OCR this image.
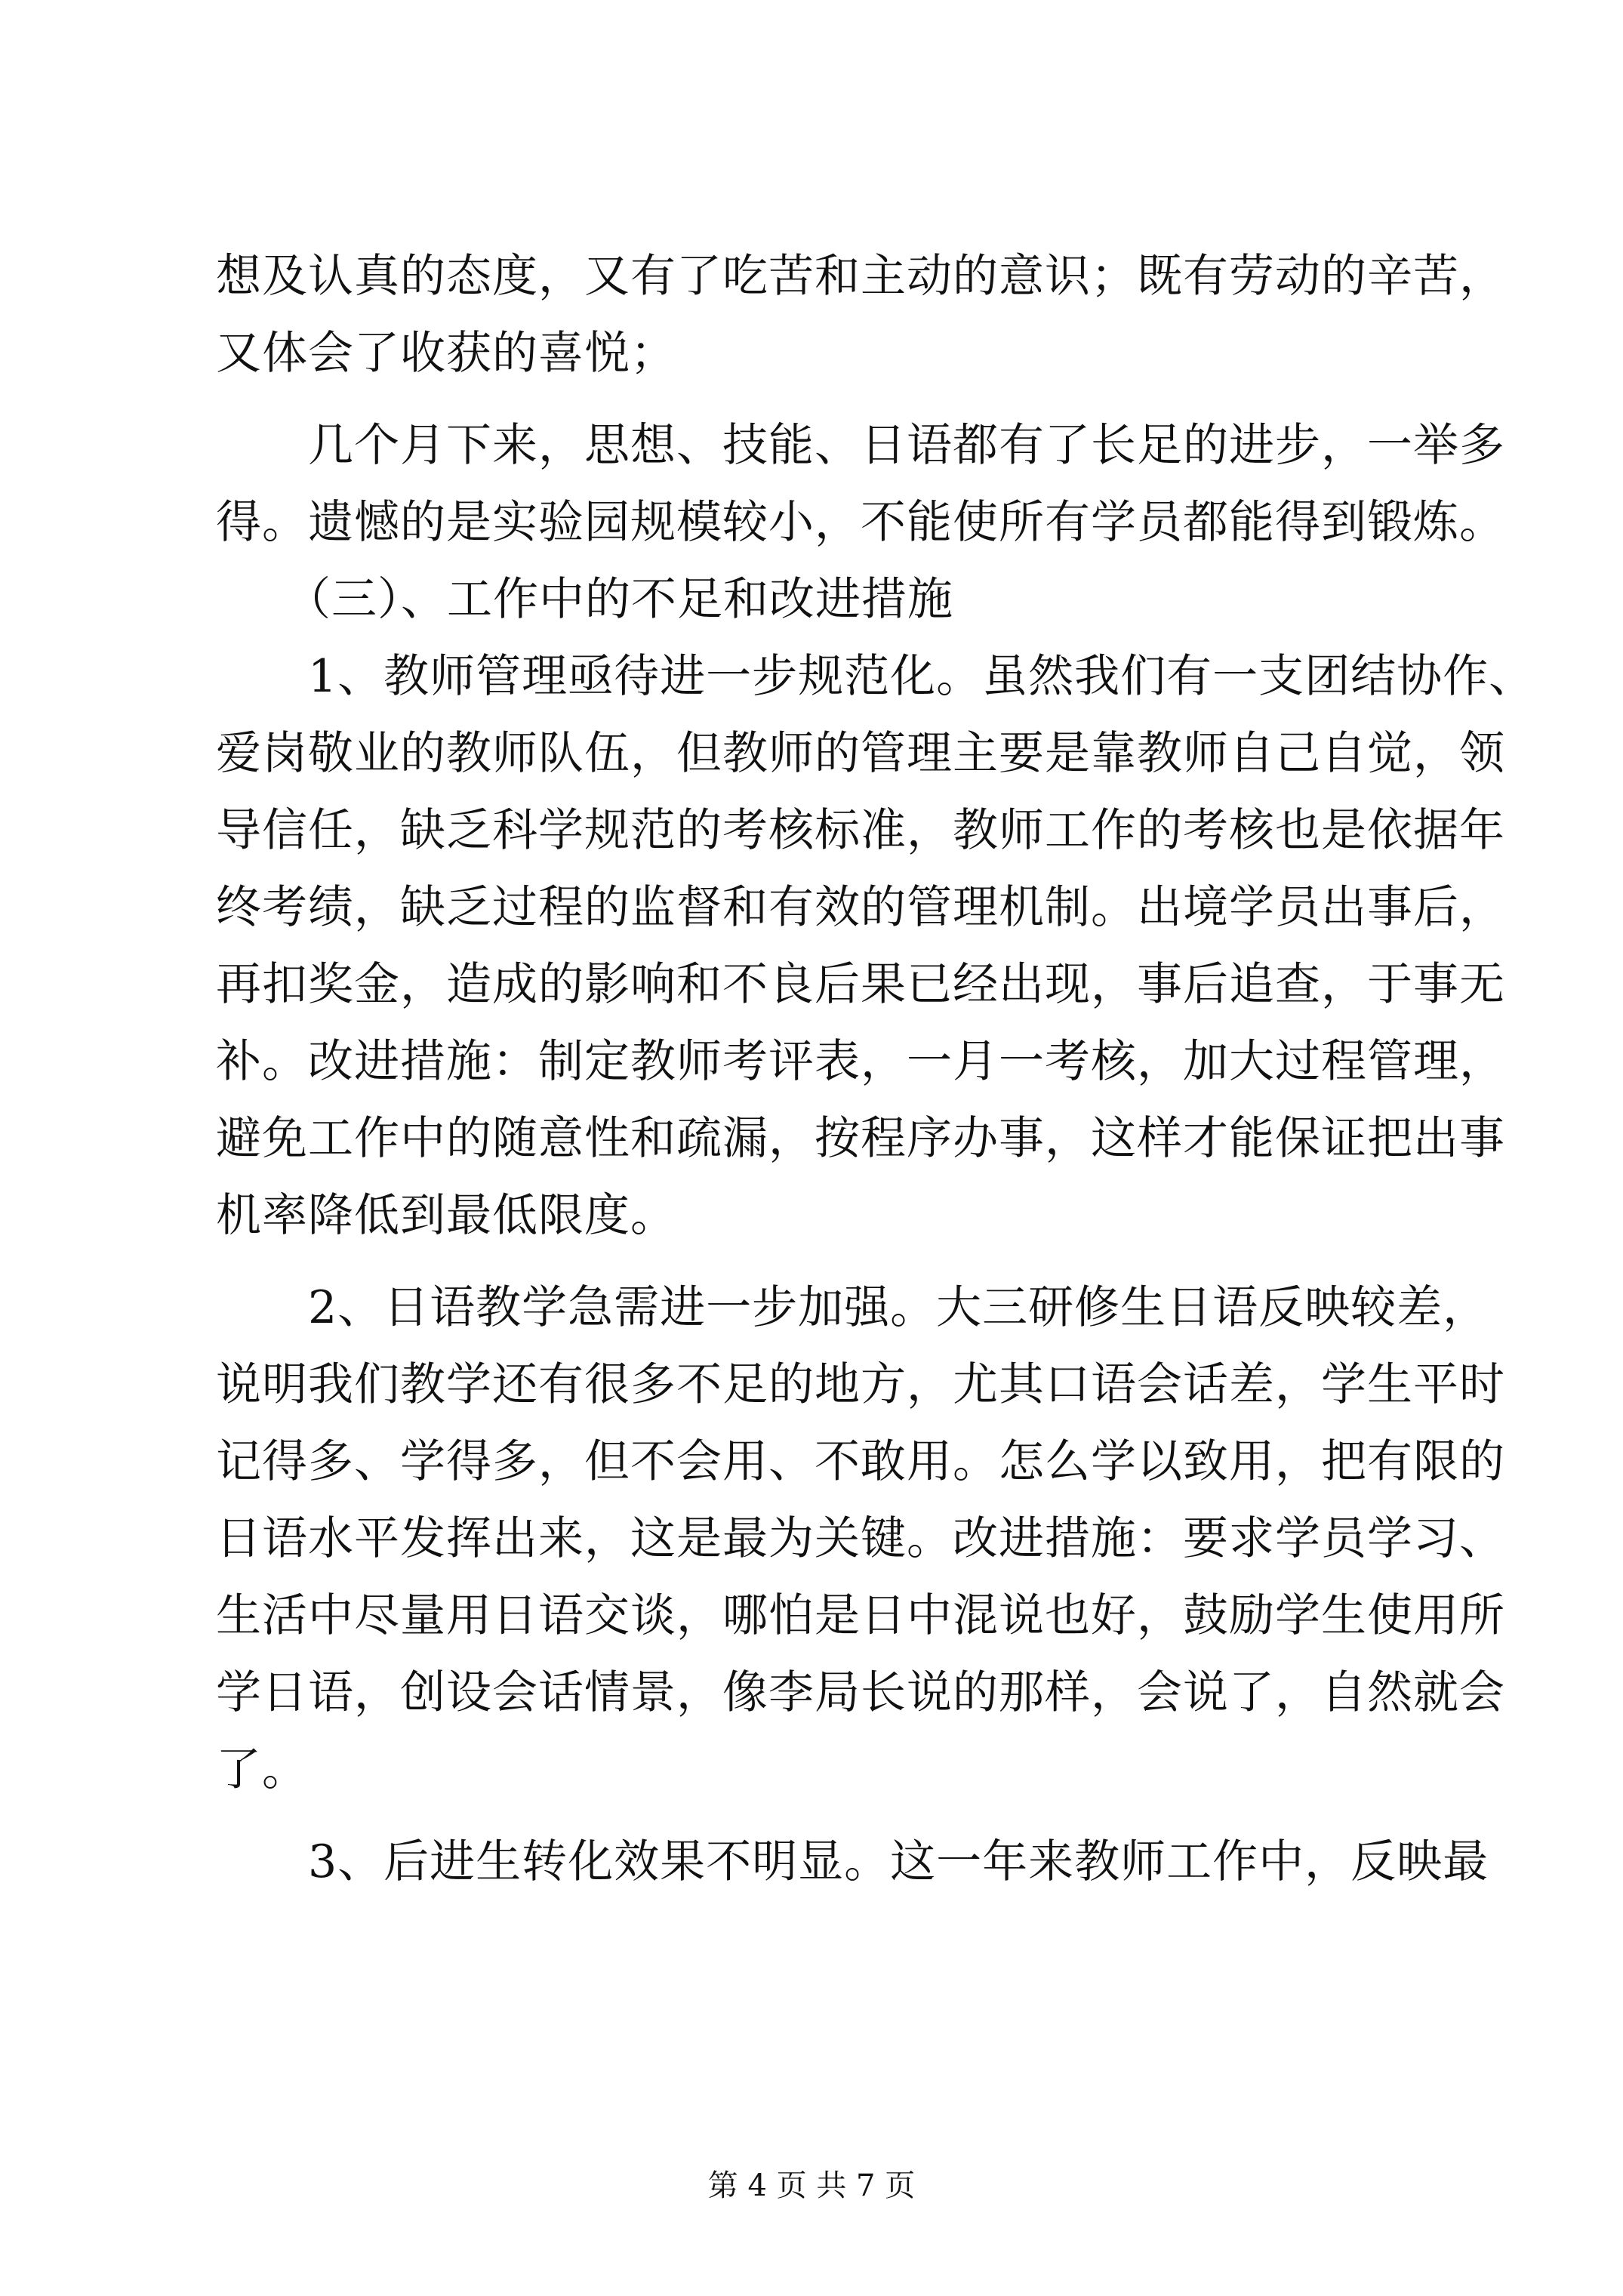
想及认真的态度，又有了吃苦和主动的意识；既有劳动的辛苦，
又体会了收获的喜悦；
　　几个月下来，思想、技能、日语都有了长足的进步，一举多
得。遗憾的是实验园规模较小，不能使所有学员都能得到锻炼。
　　（三）、工作中的不足和改进措施
　　1、教师管理亟待进一步规范化。虽然我们有一支团结协作、
爱岗敬业的教师队伍，但教师的管理主要是靠教师自己自觉，领
导信任，缺乏科学规范的考核标准，教师工作的考核也是依据年
终考绩，缺乏过程的监督和有效的管理机制。出境学员出事后，
再扣奖金，造成的影响和不良后果已经出现，事后追查，于事无
补。改进措施：制定教师考评表，一月一考核，加大过程管理，
避免工作中的随意性和疏漏，按程序办事，这样才能保证把出事
机率降低到最低限度。
　　2、日语教学急需进一步加强。大三研修生日语反映较差，
说明我们教学还有很多不足的地方，尤其口语会话差，学生平时
记得多、学得多，但不会用、不敢用。怎么学以致用，把有限的
日语水平发挥出来，这是最为关键。改进措施：要求学员学习、
生活中尽量用日语交谈，哪怕是日中混说也好，鼓励学生使用所
学日语，创设会话情景，像李局长说的那样，会说了，自然就会
了。
　　3、后进生转化效果不明显。这一年来教师工作中，反映最
第 4 页 共 7 页
